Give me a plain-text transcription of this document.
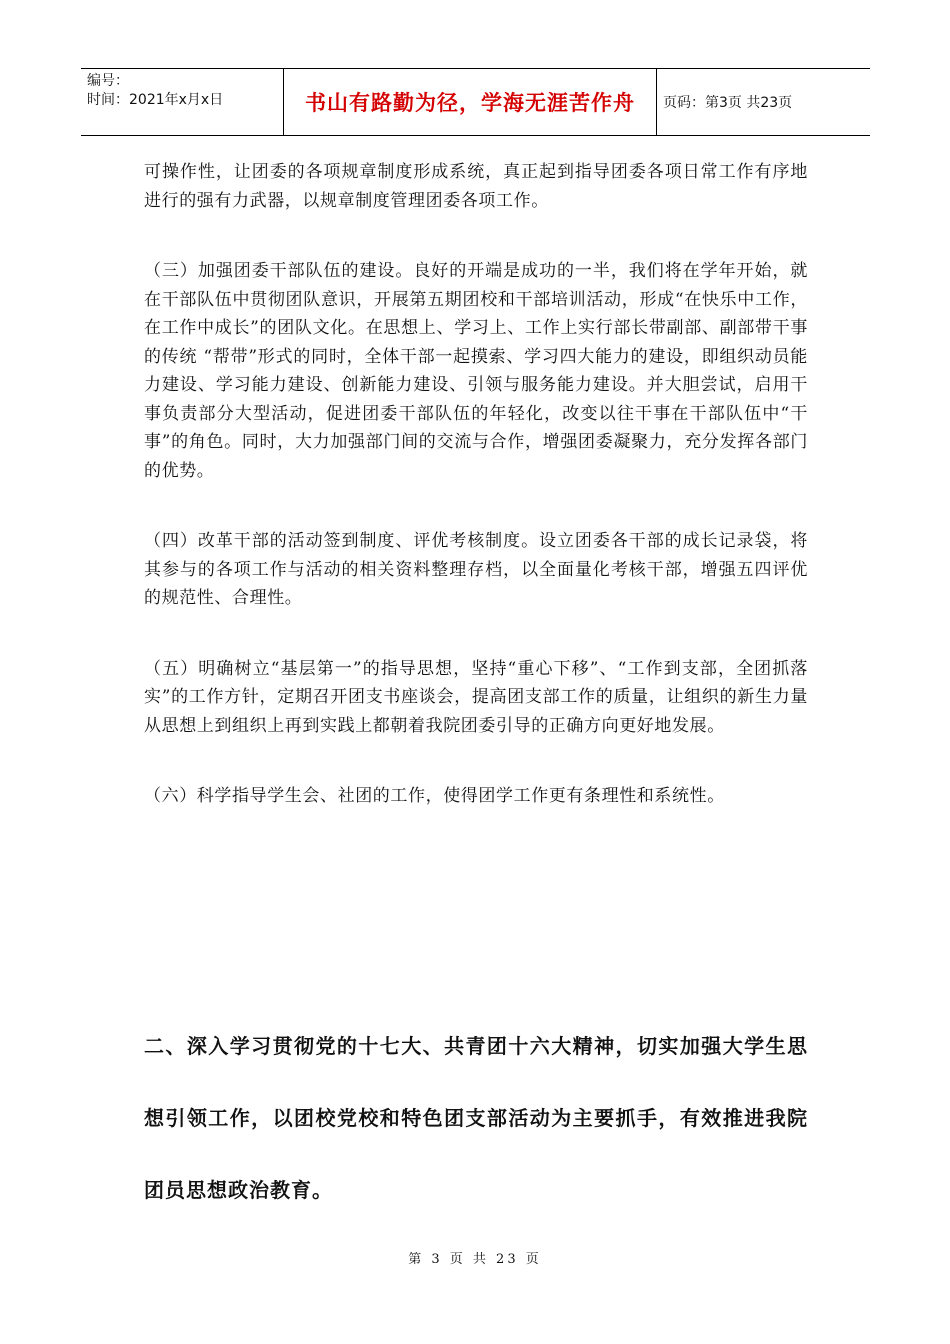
编号：
时间：2021年x月x日	书山有路勤为径，学海无涯苦作舟	页码：第3页 共23页

可操作性，让团委的各项规章制度形成系统，真正起到指导团委各项日常工作有序地进行的强有力武器，以规章制度管理团委各项工作。

（三）加强团委干部队伍的建设。良好的开端是成功的一半，我们将在学年开始，就在干部队伍中贯彻团队意识，开展第五期团校和干部培训活动，形成“在快乐中工作，在工作中成长”的团队文化。在思想上、学习上、工作上实行部长带副部、副部带干事的传统 “帮带”形式的同时，全体干部一起摸索、学习四大能力的建设，即组织动员能力建设、学习能力建设、创新能力建设、引领与服务能力建设。并大胆尝试，启用干事负责部分大型活动，促进团委干部队伍的年轻化，改变以往干事在干部队伍中“干事”的角色。同时，大力加强部门间的交流与合作，增强团委凝聚力，充分发挥各部门的优势。

（四）改革干部的活动签到制度、评优考核制度。设立团委各干部的成长记录袋，将其参与的各项工作与活动的相关资料整理存档，以全面量化考核干部，增强五四评优的规范性、合理性。

（五）明确树立“基层第一”的指导思想，坚持“重心下移”、“工作到支部，全团抓落实”的工作方针，定期召开团支书座谈会，提高团支部工作的质量，让组织的新生力量从思想上到组织上再到实践上都朝着我院团委引导的正确方向更好地发展。

（六）科学指导学生会、社团的工作，使得团学工作更有条理性和系统性。

二、深入学习贯彻党的十七大、共青团十六大精神，切实加强大学生思想引领工作，以团校党校和特色团支部活动为主要抓手，有效推进我院团员思想政治教育。

第 3 页 共 23 页
